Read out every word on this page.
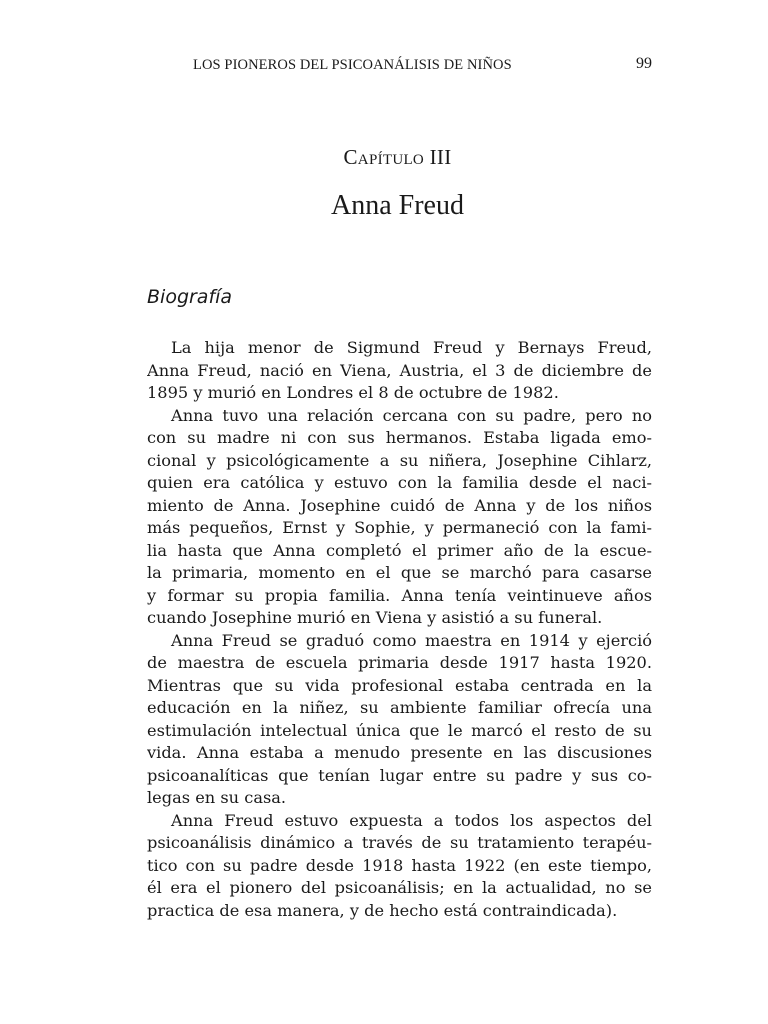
LOS PIONEROS DEL PSICOANÁLISIS DE NIÑOS	99
Capítulo III
Anna Freud
Biografía

La hija menor de Sigmund Freud y Bernays Freud,
Anna Freud, nació en Viena, Austria, el 3 de diciembre de
1895 y murió en Londres el 8 de octubre de 1982.

Anna tuvo una relación cercana con su padre, pero no
con su madre ni con sus hermanos. Estaba ligada emo-
cional y psicológicamente a su niñera, Josephine Cihlarz,
quien era católica y estuvo con la familia desde el naci-
miento de Anna. Josephine cuidó de Anna y de los niños
más pequeños, Ernst y Sophie, y permaneció con la fami-
lia hasta que Anna completó el primer año de la escue-
la primaria, momento en el que se marchó para casarse
y formar su propia familia. Anna tenía veintinueve años
cuando Josephine murió en Viena y asistió a su funeral.

Anna Freud se graduó como maestra en 1914 y ejerció
de maestra de escuela primaria desde 1917 hasta 1920.
Mientras que su vida profesional estaba centrada en la
educación en la niñez, su ambiente familiar ofrecía una
estimulación intelectual única que le marcó el resto de su
vida. Anna estaba a menudo presente en las discusiones
psicoanalíticas que tenían lugar entre su padre y sus co-
legas en su casa.

Anna Freud estuvo expuesta a todos los aspectos del
psicoanálisis dinámico a través de su tratamiento terapéu-
tico con su padre desde 1918 hasta 1922 (en este tiempo,
él era el pionero del psicoanálisis; en la actualidad, no se
practica de esa manera, y de hecho está contraindicada).
